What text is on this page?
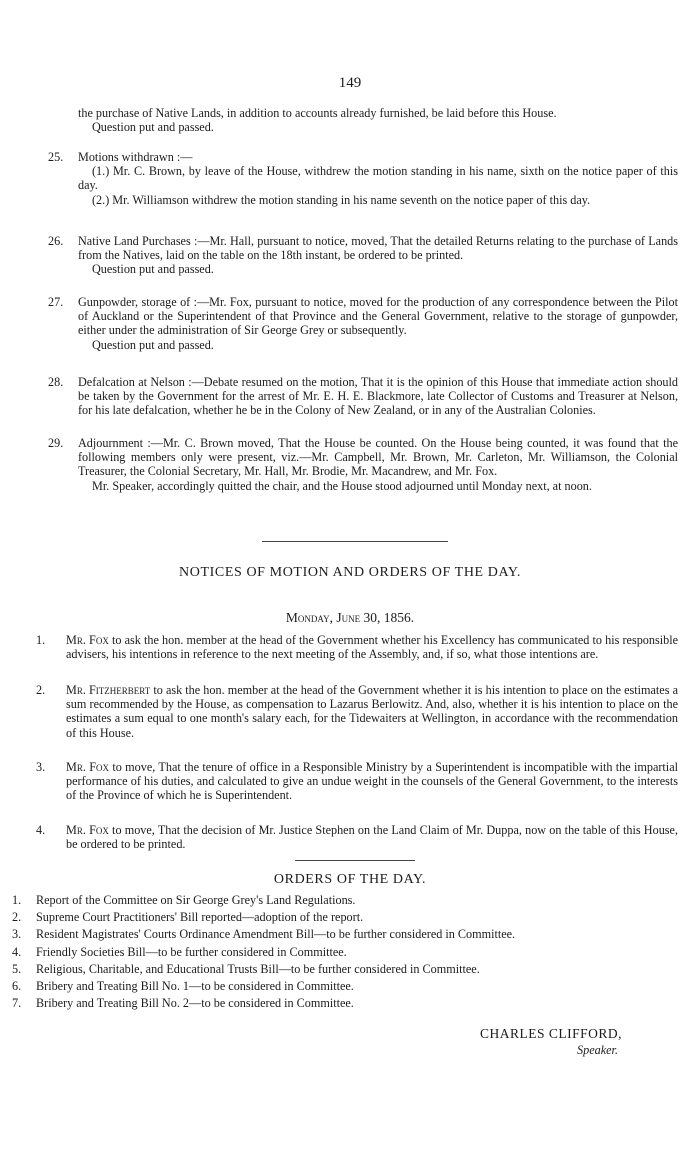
149

the purchase of Native Lands, in addition to accounts already furnished, be laid before this House.

Question put and passed.

25. Motions withdrawn :—

(1.) Mr. C. Brown, by leave of the House, withdrew the motion standing in his name, sixth on the notice paper of this day.

(2.) Mr. Williamson withdrew the motion standing in his name seventh on the notice paper of this day.

26. Native Land Purchases :—Mr. Hall, pursuant to notice, moved, That the detailed Returns relating to the purchase of Lands from the Natives, laid on the table on the 18th instant, be ordered to be printed.

Question put and passed.

27. Gunpowder, storage of :—Mr. Fox, pursuant to notice, moved for the production of any correspondence between the Pilot of Auckland or the Superintendent of that Province and the General Government, relative to the storage of gunpowder, either under the administration of Sir George Grey or subsequently.

Question put and passed.

28. Defalcation at Nelson :—Debate resumed on the motion, That it is the opinion of this House that immediate action should be taken by the Government for the arrest of Mr. E. H. E. Blackmore, late Collector of Customs and Treasurer at Nelson, for his late defalcation, whether he be in the Colony of New Zealand, or in any of the Australian Colonies.

29. Adjournment :—Mr. C. Brown moved, That the House be counted. On the House being counted, it was found that the following members only were present, viz.—Mr. Campbell, Mr. Brown, Mr. Carleton, Mr. Williamson, the Colonial Treasurer, the Colonial Secretary, Mr. Hall, Mr. Brodie, Mr. Macandrew, and Mr. Fox.

Mr. Speaker, accordingly quitted the chair, and the House stood adjourned until Monday next, at noon.

NOTICES OF MOTION AND ORDERS OF THE DAY.
Monday, June 30, 1856.

1. Mr. Fox to ask the hon. member at the head of the Government whether his Excellency has communicated to his responsible advisers, his intentions in reference to the next meeting of the Assembly, and, if so, what those intentions are.

2. Mr. Fitzherbert to ask the hon. member at the head of the Government whether it is his intention to place on the estimates a sum recommended by the House, as compensation to Lazarus Berlowitz. And, also, whether it is his intention to place on the estimates a sum equal to one month's salary each, for the Tidewaiters at Wellington, in accordance with the recommendation of this House.

3. Mr. Fox to move, That the tenure of office in a Responsible Ministry by a Superintendent is incompatible with the impartial performance of his duties, and calculated to give an undue weight in the counsels of the General Government, to the interests of the Province of which he is Superintendent.

4. Mr. Fox to move, That the decision of Mr. Justice Stephen on the Land Claim of Mr. Duppa, now on the table of this House, be ordered to be printed.

ORDERS OF THE DAY.

1. Report of the Committee on Sir George Grey's Land Regulations.

2. Supreme Court Practitioners' Bill reported—adoption of the report.

3. Resident Magistrates' Courts Ordinance Amendment Bill—to be further considered in Committee.

4. Friendly Societies Bill—to be further considered in Committee.

5. Religious, Charitable, and Educational Trusts Bill—to be further considered in Committee.

6. Bribery and Treating Bill No. 1—to be considered in Committee.

7. Bribery and Treating Bill No. 2—to be considered in Committee.

CHARLES CLIFFORD,
Speaker.
